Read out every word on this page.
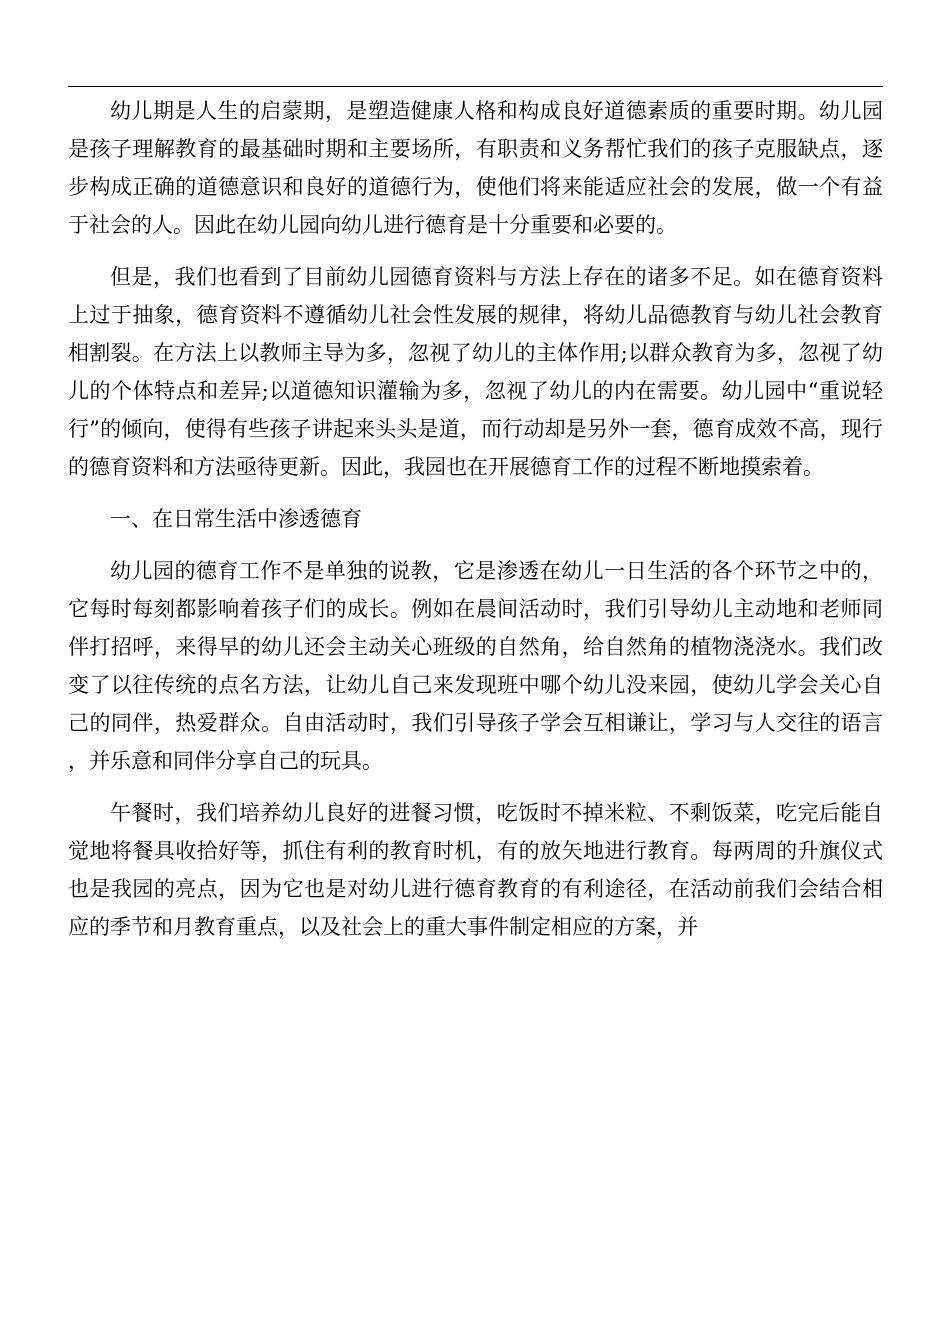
幼儿期是人生的启蒙期，是塑造健康人格和构成良好道德素质的重要时期。幼儿园是孩子理解教育的最基础时期和主要场所，有职责和义务帮忙我们的孩子克服缺点，逐步构成正确的道德意识和良好的道德行为，使他们将来能适应社会的发展，做一个有益于社会的人。因此在幼儿园向幼儿进行德育是十分重要和必要的。

但是，我们也看到了目前幼儿园德育资料与方法上存在的诸多不足。如在德育资料上过于抽象，德育资料不遵循幼儿社会性发展的规律，将幼儿品德教育与幼儿社会教育相割裂。在方法上以教师主导为多，忽视了幼儿的主体作用;以群众教育为多，忽视了幼儿的个体特点和差异;以道德知识灌输为多，忽视了幼儿的内在需要。幼儿园中“重说轻行”的倾向，使得有些孩子讲起来头头是道，而行动却是另外一套，德育成效不高，现行的德育资料和方法亟待更新。因此，我园也在开展德育工作的过程不断地摸索着。

一、在日常生活中渗透德育

幼儿园的德育工作不是单独的说教，它是渗透在幼儿一日生活的各个环节之中的，它每时每刻都影响着孩子们的成长。例如在晨间活动时，我们引导幼儿主动地和老师同伴打招呼，来得早的幼儿还会主动关心班级的自然角，给自然角的植物浇浇水。我们改变了以往传统的点名方法，让幼儿自己来发现班中哪个幼儿没来园，使幼儿学会关心自己的同伴，热爱群众。自由活动时，我们引导孩子学会互相谦让，学习与人交往的语言，并乐意和同伴分享自己的玩具。

午餐时，我们培养幼儿良好的进餐习惯，吃饭时不掉米粒、不剩饭菜，吃完后能自觉地将餐具收拾好等，抓住有利的教育时机，有的放矢地进行教育。每两周的升旗仪式也是我园的亮点，因为它也是对幼儿进行德育教育的有利途径，在活动前我们会结合相应的季节和月教育重点，以及社会上的重大事件制定相应的方案，并
